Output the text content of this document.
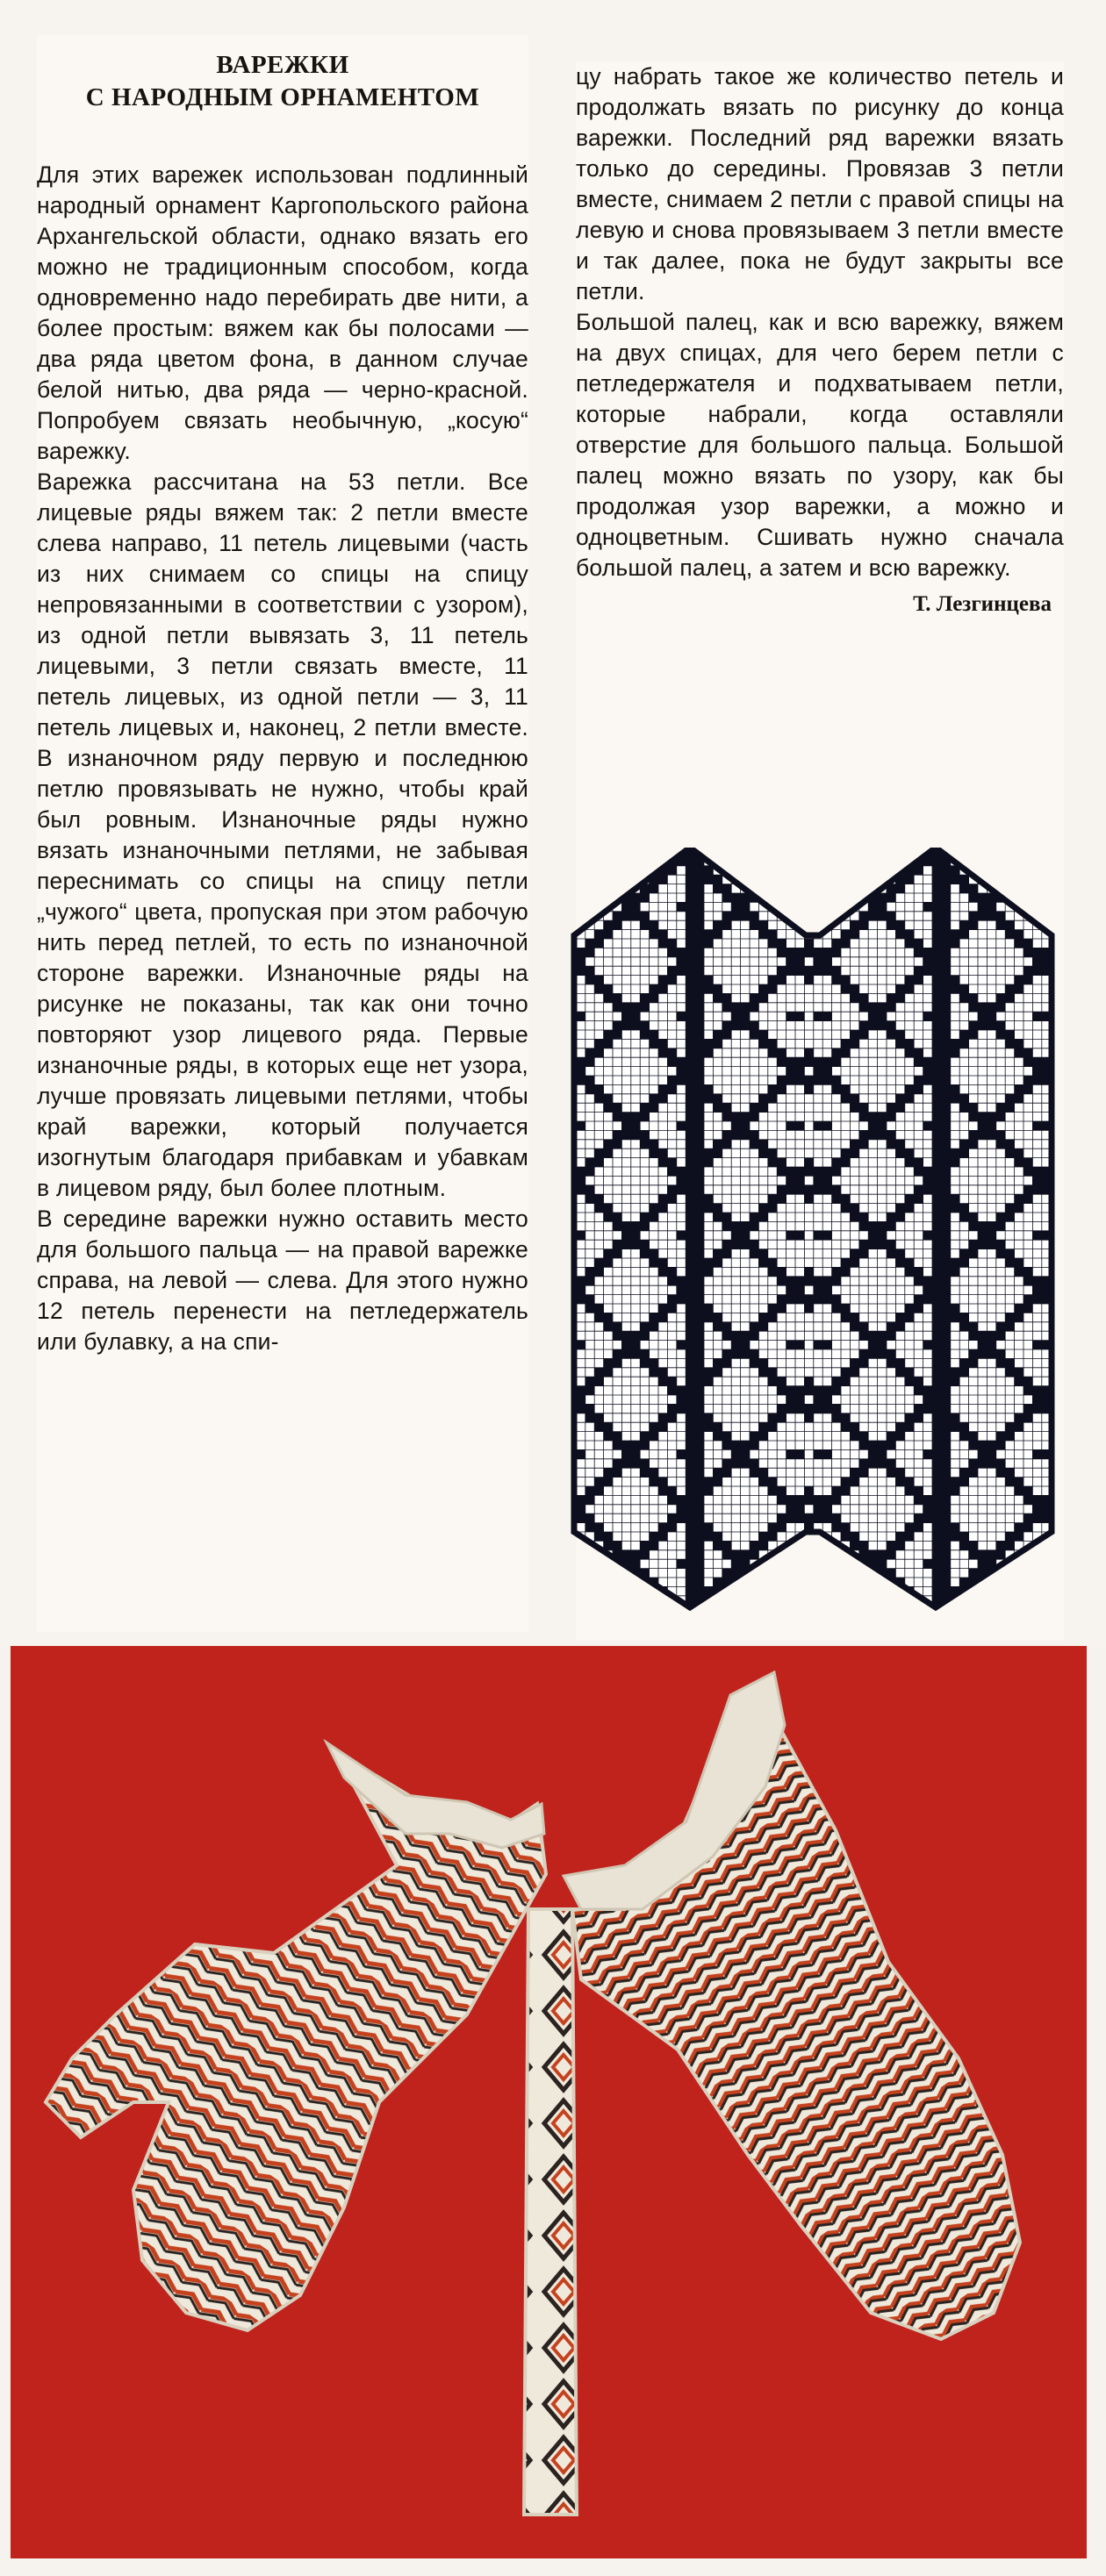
ВАРЕЖКИ
С НАРОДНЫМ ОРНАМЕНТОМ

Для этих варежек использован подлинный народный орнамент Каргопольского района Архангельской области, однако вязать его можно не традиционным способом, когда одновременно надо перебирать две нити, а более простым: вяжем как бы полосами — два ряда цветом фона, в данном случае белой нитью, два ряда — черно-красной. Попробуем связать необычную, „косую“ варежку.

Варежка рассчитана на 53 петли. Все лицевые ряды вяжем так: 2 петли вместе слева направо, 11 петель лицевыми (часть из них снимаем со спицы на спицу непровязанными в соответствии с узором), из одной петли вывязать 3, 11 петель лицевыми, 3 петли связать вместе, 11 петель лицевых, из одной петли — 3, 11 петель лицевых и, наконец, 2 петли вместе. В изнаночном ряду первую и последнюю петлю провязывать не нужно, чтобы край был ровным. Изнаночные ряды нужно вязать изнаночными петлями, не забывая переснимать со спицы на спицу петли „чужого“ цвета, пропуская при этом рабочую нить перед петлей, то есть по изнаночной стороне варежки. Изнаночные ряды на рисунке не показаны, так как они точно повторяют узор лицевого ряда. Первые изнаночные ряды, в которых еще нет узора, лучше провязать лицевыми петлями, чтобы край варежки, который получается изогнутым благодаря прибавкам и убавкам в лицевом ряду, был более плотным.

В середине варежки нужно оставить место для большого пальца — на правой варежке справа, на левой — слева. Для этого нужно 12 петель перенести на петледержатель или булавку, а на спи-

цу набрать такое же количество петель и продолжать вязать по рисунку до конца варежки. Последний ряд варежки вязать только до середины. Провязав 3 петли вместе, снимаем 2 петли с правой спицы на левую и снова провязываем 3 петли вместе и так далее, пока не будут закрыты все петли.

Большой палец, как и всю варежку, вяжем на двух спицах, для чего берем петли с петледержателя и подхватываем петли, которые набрали, когда оставляли отверстие для большого пальца. Большой палец можно вязать по узору, как бы продолжая узор варежки, а можно и одноцветным. Сшивать нужно сначала большой палец, а затем и всю варежку.

Т. Лезгинцева
